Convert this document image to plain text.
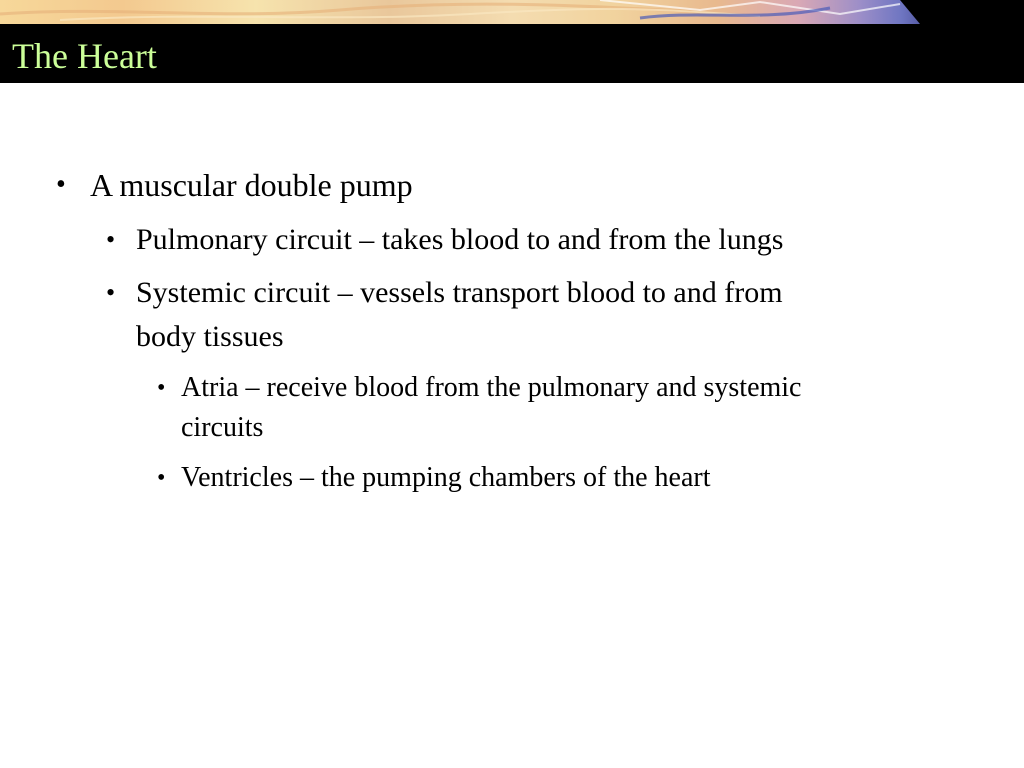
The Heart
• A muscular double pump
• Pulmonary circuit – takes blood to and from the lungs
• Systemic circuit – vessels transport blood to and from
body tissues
• Atria – receive blood from the pulmonary and systemic
circuits
• Ventricles – the pumping chambers of the heart
